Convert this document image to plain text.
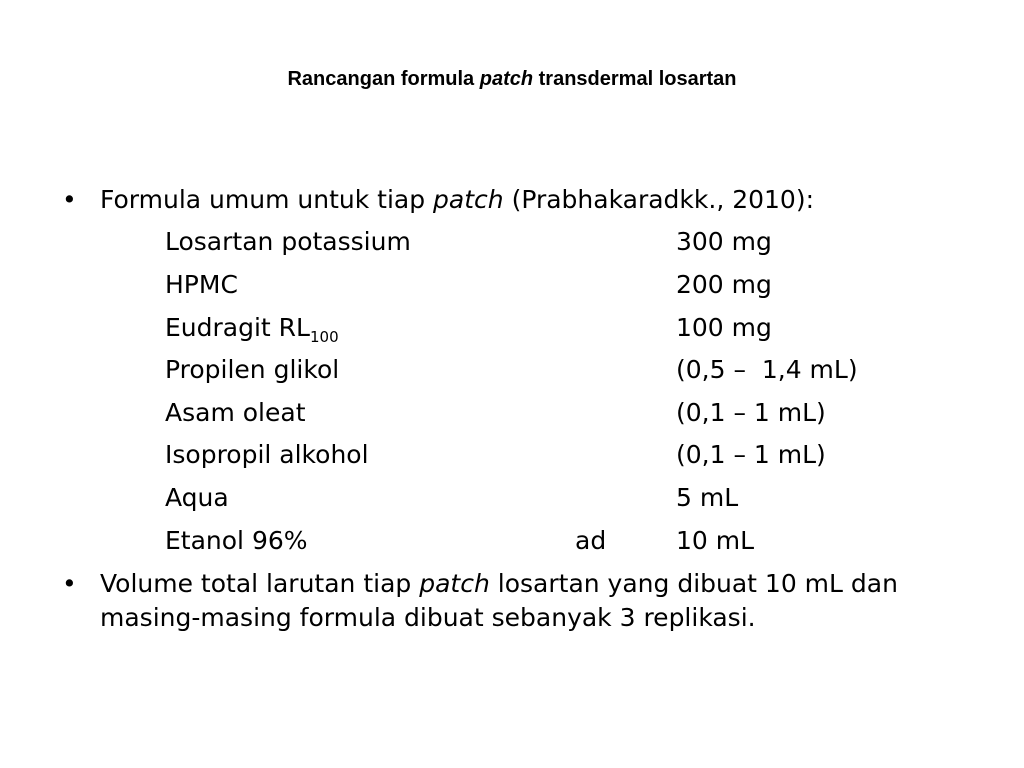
Rancangan formula patch transdermal losartan
• Formula umum untuk tiap patch (Prabhakaradkk., 2010):
Losartan potassium	300 mg
HPMC	200 mg
Eudragit $RL_{100}$	100 mg
Propilen glikol	(0,5 –  1,4 mL)
Asam oleat	(0,1 – 1 mL)
Isopropil alkohol	(0,1 – 1 mL)
Aqua	5 mL
Etanol 96%	ad	10 mL
• Volume total larutan tiap patch losartan yang dibuat 10 mL dan masing-masing formula dibuat sebanyak 3 replikasi.
